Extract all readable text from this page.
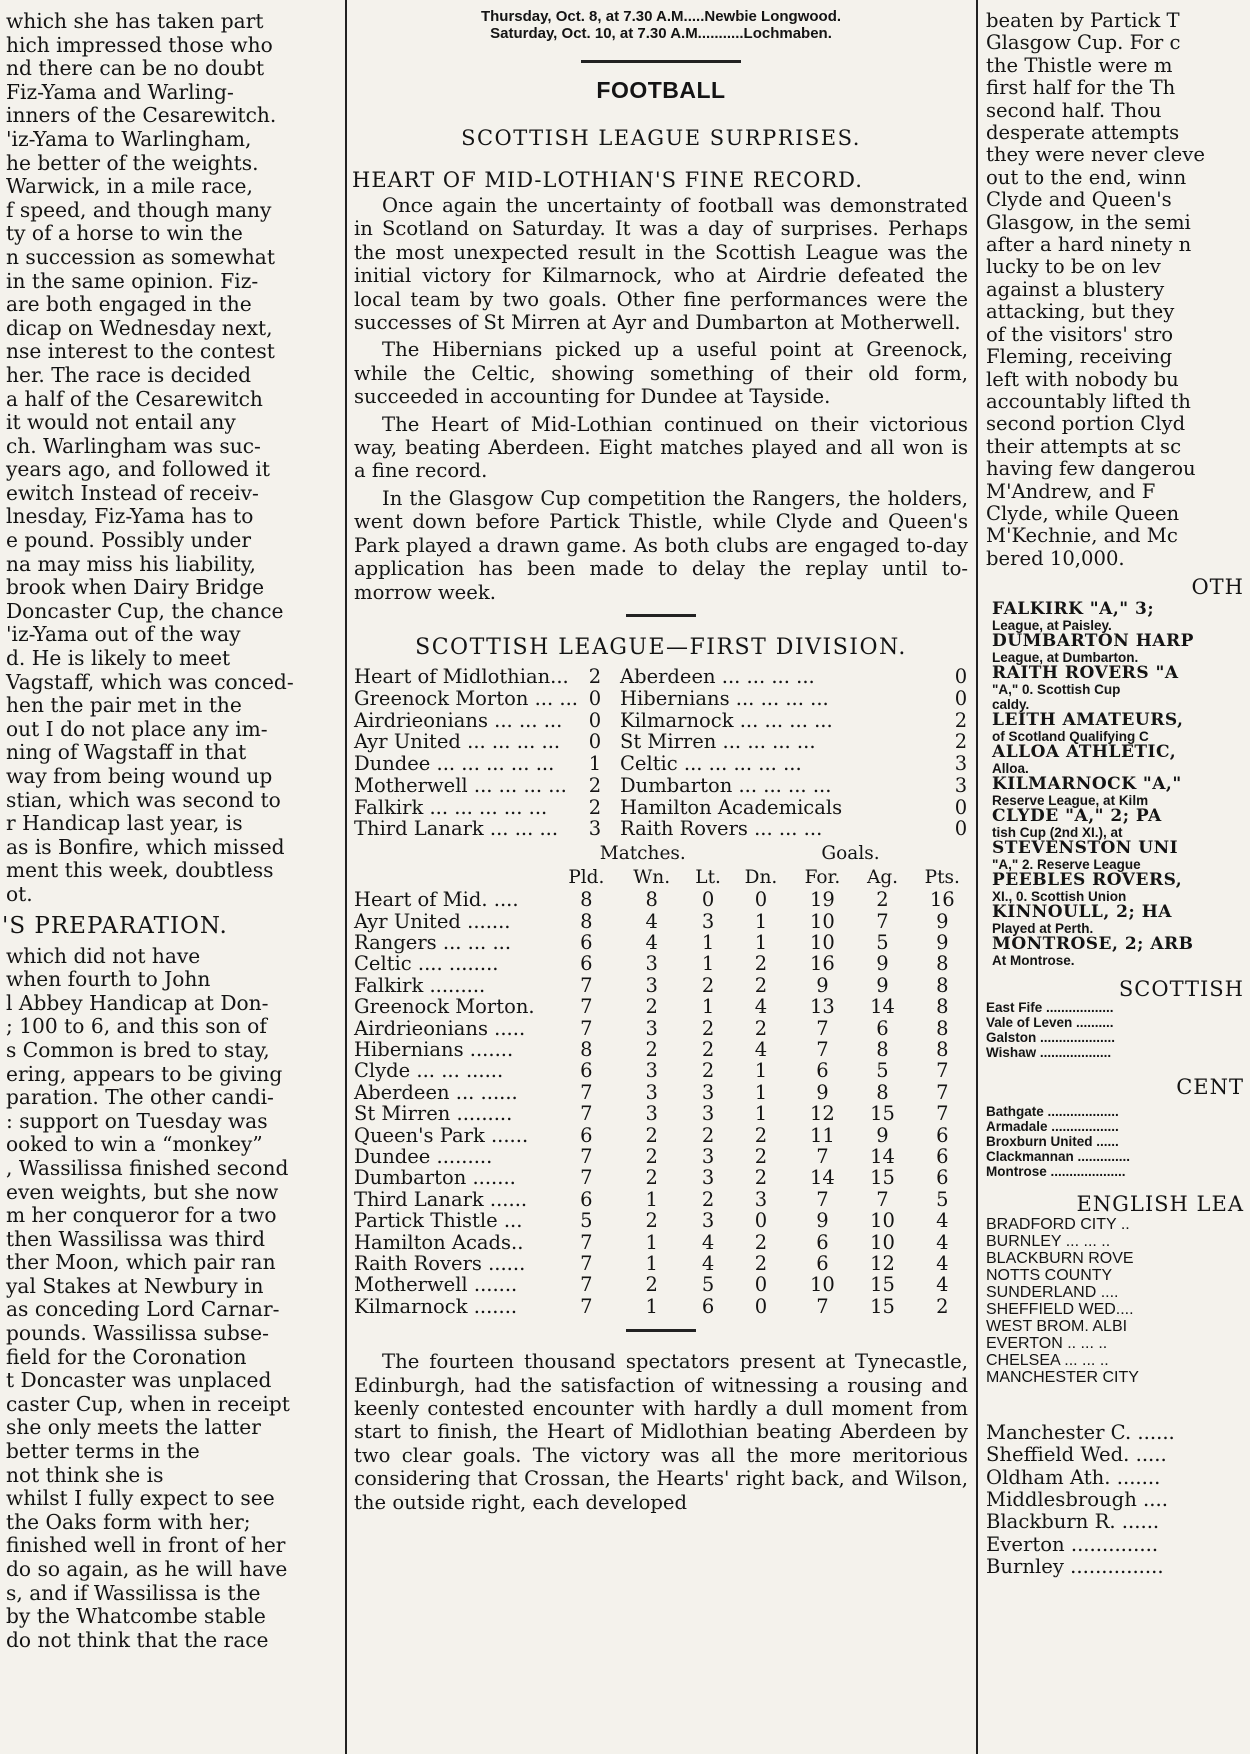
which she has taken part
hich impressed those who
nd there can be no doubt
Fiz-Yama and Warling-
inners of the Cesarewitch.
'iz-Yama to Warlingham,
he better of the weights.
Warwick, in a mile race,
f speed, and though many
ty of a horse to win the
n succession as somewhat
in the same opinion. Fiz-
are both engaged in the
dicap on Wednesday next,
nse interest to the contest
her. The race is decided
a half of the Cesarewitch
it would not entail any
ch. Warlingham was suc-
years ago, and followed it
ewitch Instead of receiv-
lnesday, Fiz-Yama has to
e pound. Possibly under
na may miss his liability,
brook when Dairy Bridge
Doncaster Cup, the chance
'iz-Yama out of the way
d. He is likely to meet
Vagstaff, which was conced-
hen the pair met in the
out I do not place any im-
ning of Wagstaff in that
way from being wound up
stian, which was second to
r Handicap last year, is
as is Bonfire, which missed
ment this week, doubtless
ot.
'S PREPARATION.
which did not have
when fourth to John
l Abbey Handicap at Don-
; 100 to 6, and this son of
s Common is bred to stay,
ering, appears to be giving
paration. The other candi-
: support on Tuesday was
ooked to win a “monkey”
, Wassilissa finished second
even weights, but she now
m her conqueror for a two
then Wassilissa was third
ther Moon, which pair ran
yal Stakes at Newbury in
as conceding Lord Carnar-
pounds. Wassilissa subse-
field for the Coronation
t Doncaster was unplaced
caster Cup, when in receipt
she only meets the latter
better terms in the
not think she is
whilst I fully expect to see
the Oaks form with her;
finished well in front of her
do so again, as he will have
s, and if Wassilissa is the
by the Whatcombe stable
do not think that the race
Thursday, Oct. 8, at 7.30 A.M.....Newbie Longwood.
Saturday, Oct. 10, at 7.30 A.M...........Lochmaben.
FOOTBALL
SCOTTISH LEAGUE SURPRISES.
HEART OF MID-LOTHIAN'S FINE RECORD.
Once again the uncertainty of football was demonstrated in Scotland on Saturday. It was a day of surprises. Perhaps the most unexpected result in the Scottish League was the initial victory for Kilmarnock, who at Airdrie defeated the local team by two goals. Other fine performances were the successes of St Mirren at Ayr and Dumbarton at Motherwell.
The Hibernians picked up a useful point at Greenock, while the Celtic, showing something of their old form, succeeded in accounting for Dundee at Tayside.
The Heart of Mid-Lothian continued on their victorious way, beating Aberdeen. Eight matches played and all won is a fine record.
In the Glasgow Cup competition the Rangers, the holders, went down before Partick Thistle, while Clyde and Queen's Park played a drawn game. As both clubs are engaged to-day application has been made to delay the replay until to-morrow week.
SCOTTISH LEAGUE—FIRST DIVISION.
Heart of Midlothian...	2	Aberdeen ... ... ... ...	0
Greenock Morton ... ...	0	Hibernians ... ... ... ...	0
Airdrieonians ... ... ...	0	Kilmarnock ... ... ... ...	2
Ayr United ... ... ... ...	0	St Mirren ... ... ... ...	2
Dundee ... ... ... ... ...	1	Celtic ... ... ... ... ...	3
Motherwell ... ... ... ...	2	Dumbarton ... ... ... ...	3
Falkirk ... ... ... ... ...	2	Hamilton Academicals	0
Third Lanark ... ... ...	3	Raith Rovers ... ... ...	0
	Matches.				Goals.		
	Pld.	Wn.	Lt.	Dn.	For.	Ag.	Pts.
Heart of Mid. ....	8	8	0	0	19	2	16
Ayr United .......	8	4	3	1	10	7	9
Rangers ... ... ...	6	4	1	1	10	5	9
Celtic .... ........	6	3	1	2	16	9	8
Falkirk .........	7	3	2	2	9	9	8
Greenock Morton.	7	2	1	4	13	14	8
Airdrieonians .....	7	3	2	2	7	6	8
Hibernians .......	8	2	2	4	7	8	8
Clyde ... ... ......	6	3	2	1	6	5	7
Aberdeen ... ......	7	3	3	1	9	8	7
St Mirren .........	7	3	3	1	12	15	7
Queen's Park ......	6	2	2	2	11	9	6
Dundee .........	7	2	3	2	7	14	6
Dumbarton .......	7	2	3	2	14	15	6
Third Lanark ......	6	1	2	3	7	7	5
Partick Thistle ...	5	2	3	0	9	10	4
Hamilton Acads..	7	1	4	2	6	10	4
Raith Rovers ......	7	1	4	2	6	12	4
Motherwell .......	7	2	5	0	10	15	4
Kilmarnock .......	7	1	6	0	7	15	2
The fourteen thousand spectators present at Tynecastle, Edinburgh, had the satisfaction of witnessing a rousing and keenly contested encounter with hardly a dull moment from start to finish, the Heart of Midlothian beating Aberdeen by two clear goals. The victory was all the more meritorious considering that Crossan, the Hearts' right back, and Wilson, the outside right, each developed
beaten by Partick T
Glasgow Cup. For c
the Thistle were m
first half for the Th
second half. Thou
desperate attempts
they were never cleve
out to the end, winn
Clyde and Queen's
Glasgow, in the semi
after a hard ninety n
lucky to be on lev
against a blustery
attacking, but they
of the visitors' stro
Fleming, receiving
left with nobody bu
accountably lifted th
second portion Clyd
their attempts at sc
having few dangerou
M'Andrew, and F
Clyde, while Queen
M'Kechnie, and Mc
bered 10,000.
OTH
FALKIRK "A," 3;
League, at Paisley.
DUMBARTON HARP
League, at Dumbarton.
RAITH ROVERS "A
"A," 0. Scottish Cup
caldy.
LEITH AMATEURS,
of Scotland Qualifying C
ALLOA ATHLETIC,
Alloa.
KILMARNOCK "A,"
Reserve League, at Kilm
CLYDE "A," 2; PA
tish Cup (2nd XI.), at
STEVENSTON UNI
"A," 2. Reserve League
PEEBLES ROVERS,
XI., 0. Scottish Union
KINNOULL, 2; HA
Played at Perth.
MONTROSE, 2; ARB
At Montrose.
SCOTTISH
East Fife ..................
Vale of Leven ..........
Galston ....................
Wishaw ...................
CENT
Bathgate ...................
Armadale ..................
Broxburn United ......
Clackmannan ..............
Montrose ....................
ENGLISH LEA
BRADFORD CITY ..
BURNLEY ... ... ..
BLACKBURN ROVE
NOTTS COUNTY
SUNDERLAND ....
SHEFFIELD WED....
WEST BROM. ALBI
EVERTON .. ... ..
CHELSEA ... ... ..
MANCHESTER CITY
Manchester C. ......
Sheffield Wed. .....
Oldham Ath. .......
Middlesbrough ....
Blackburn R. ......
Everton ..............
Burnley ...............
